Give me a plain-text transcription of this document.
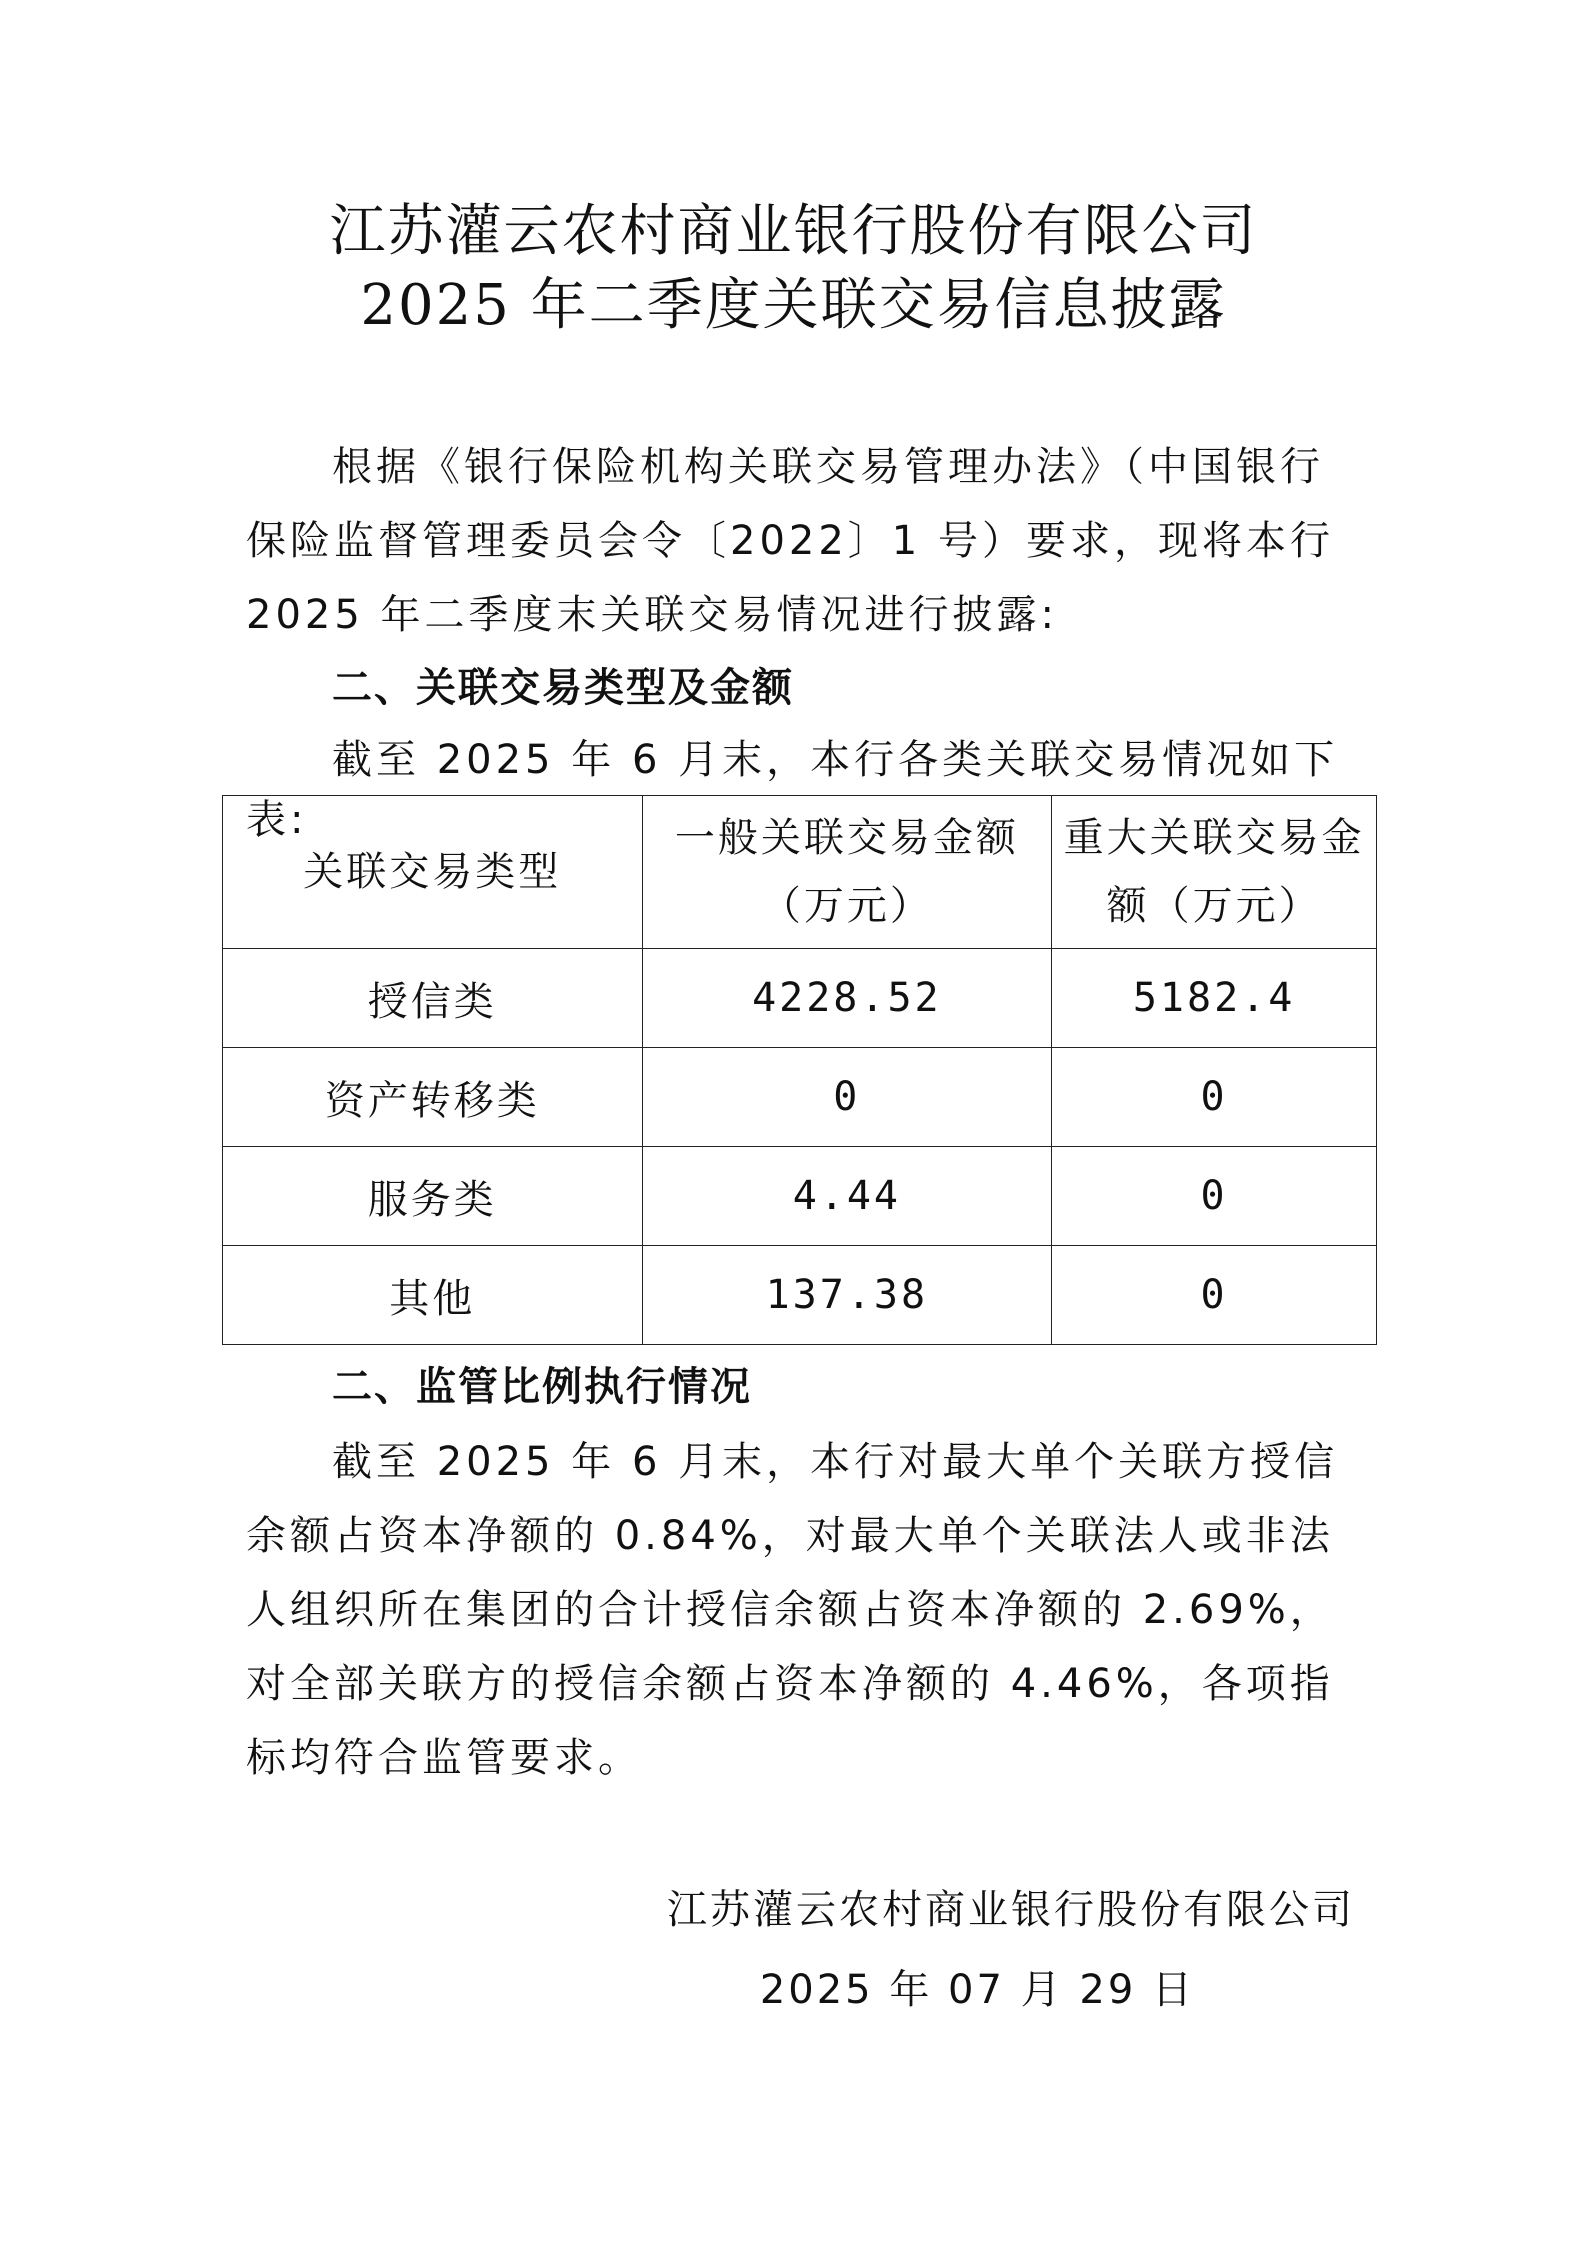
江苏灌云农村商业银行股份有限公司
2025 年二季度关联交易信息披露
根据《银行保险机构关联交易管理办法》（中国银行保险监督管理委员会令〔2022〕1 号）要求，现将本行 2025 年二季度末关联交易情况进行披露:
二、关联交易类型及金额
截至 2025 年 6 月末，本行各类关联交易情况如下表:
关联交易类型	一般关联交易金额（万元）	重大关联交易金额（万元）
授信类	4228.52	5182.4
资产转移类	0	0
服务类	4.44	0
其他	137.38	0
二、监管比例执行情况
截至 2025 年 6 月末，本行对最大单个关联方授信余额占资本净额的 0.84%，对最大单个关联法人或非法人组织所在集团的合计授信余额占资本净额的 2.69%，对全部关联方的授信余额占资本净额的 4.46%，各项指标均符合监管要求。
江苏灌云农村商业银行股份有限公司
2025 年 07 月 29 日
